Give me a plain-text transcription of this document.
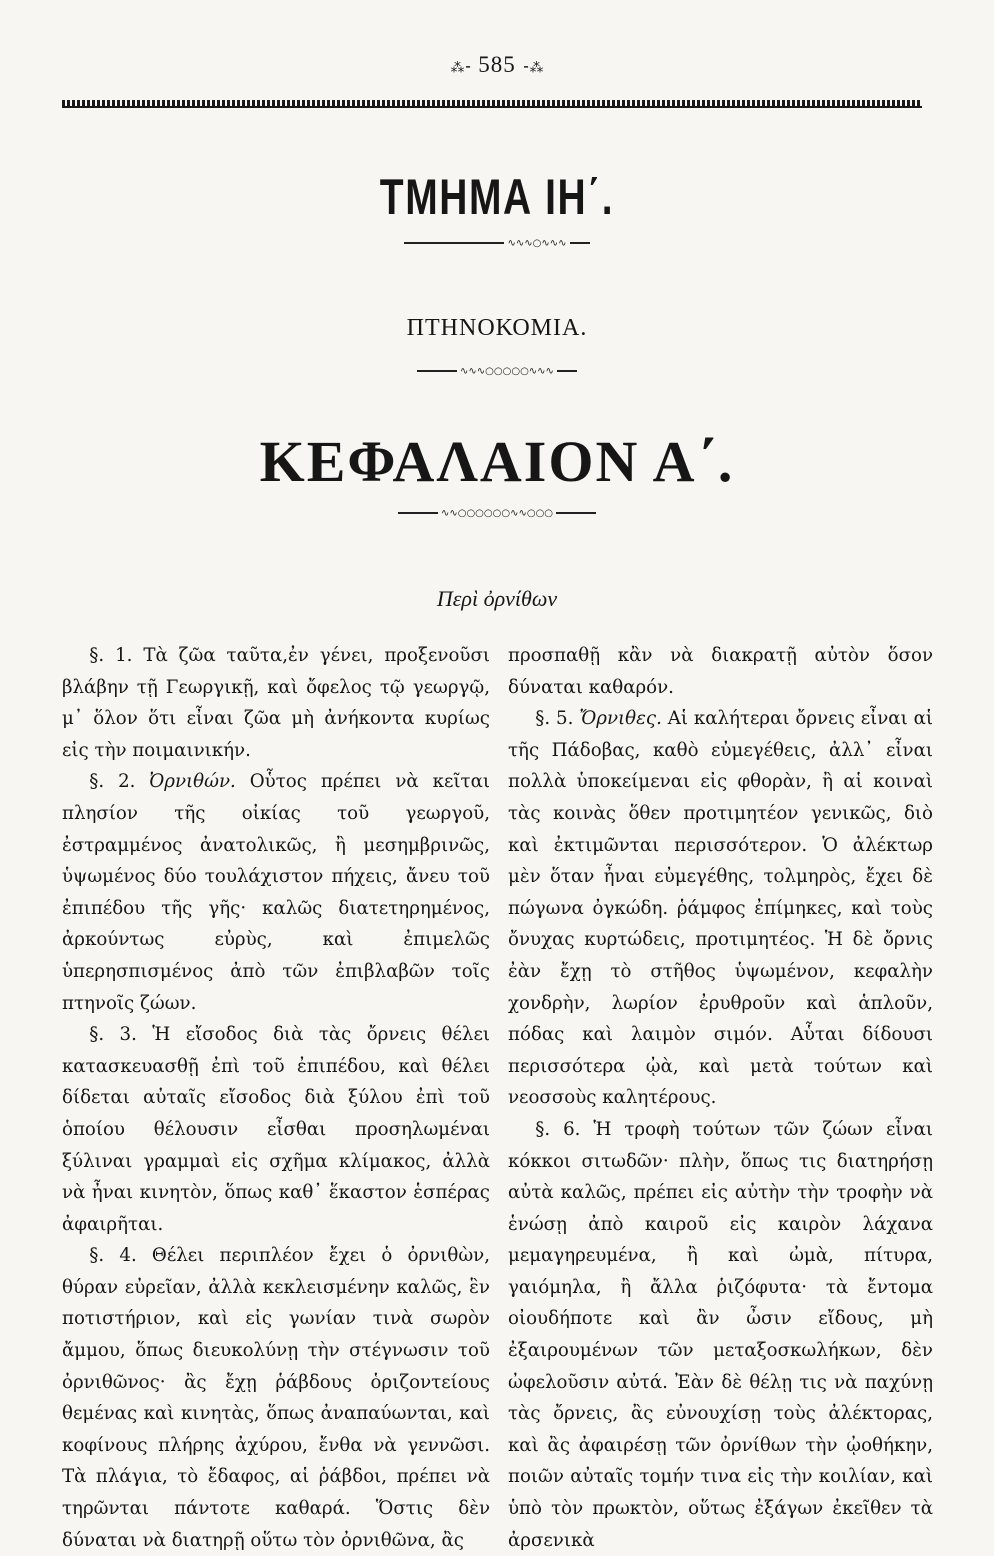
⁂⁃ 585 ⁃⁂
ΤΜΗΜΑ ΙΗ΄.
∿∿∿○∿∿∿
ΠΤΗΝΟΚΟΜΙΑ.
∿∿∿○○○○○∿∿∿
ΚΕΦΑΛΑΙΟΝ Α΄.
∿∿○○○○○○∿∿○○○
Περὶ ὀρνίθων

§. 1. Τὰ ζῶα ταῦτα,ἐν γένει, προξενοῦσι βλάβην τῇ Γεωργικῇ, καὶ ὄφελος τῷ γεωργῷ, μ᾽ ὅλον ὅτι εἶναι ζῶα μὴ ἀνήκοντα κυρίως εἰς τὴν ποιμαινικήν.

§. 2. Ὀρνιθών. Οὗτος πρέπει νὰ κεῖται πλησίον τῆς οἰκίας τοῦ γεωργοῦ, ἐστραμμένος ἀνατολικῶς, ἢ μεσημβρινῶς, ὑψωμένος δύο τουλάχιστον πήχεις, ἄνευ τοῦ ἐπιπέδου τῆς γῆς· καλῶς διατετηρημένος, ἀρκούντως εὐρὺς, καὶ ἐπιμελῶς ὑπερησπισμένος ἀπὸ τῶν ἐπιβλαβῶν τοῖς πτηνοῖς ζώων.

§. 3. Ἡ εἴσοδος διὰ τὰς ὄρνεις θέλει κατασκευασθῇ ἐπὶ τοῦ ἐπιπέδου, καὶ θέλει δίδεται αὐταῖς εἴσοδος διὰ ξύλου ἐπὶ τοῦ ὁποίου θέλουσιν εἶσθαι προσηλωμέναι ξύλιναι γραμμαὶ εἰς σχῆμα κλίμακος, ἀλλὰ νὰ ἦναι κινητὸν, ὅπως καθ᾽ ἕκαστον ἑσπέρας ἀφαιρῆται.

§. 4. Θέλει περιπλέον ἔχει ὁ ὀρνιθὼν, θύραν εὐρεῖαν, ἀλλὰ κεκλεισμένην καλῶς, ἓν ποτιστήριον, καὶ εἰς γωνίαν τινὰ σωρὸν ἄμμου, ὅπως διευκολύνῃ τὴν στέγνωσιν τοῦ ὀρνιθῶνος· ἂς ἔχῃ ῥάβδους ὁριζοντείους θεμένας καὶ κινητὰς, ὅπως ἀναπαύωνται, καὶ κοφίνους πλήρης ἀχύρου, ἔνθα νὰ γεννῶσι. Τὰ πλάγια, τὸ ἔδαφος, αἱ ῥάβδοι, πρέπει νὰ τηρῶνται πάντοτε καθαρά. Ὅστις δὲν δύναται νὰ διατηρῇ οὕτω τὸν ὀρνιθῶνα, ἂς

προσπαθῇ κἂν νὰ διακρατῇ αὐτὸν ὅσον δύναται καθαρόν.

§. 5. Ὄρνιθες. Αἱ καλήτεραι ὄρνεις εἶναι αἱ τῆς Πάδοβας, καθὸ εὐμεγέθεις, ἀλλ᾽ εἶναι πολλὰ ὑποκείμεναι εἰς φθορὰν, ἢ αἱ κοιναὶ τὰς κοινὰς ὅθεν προτιμητέον γενικῶς, διὸ καὶ ἐκτιμῶνται περισσότερον. Ὁ ἀλέκτωρ μὲν ὅταν ἦναι εὐμεγέθης, τολμηρὸς, ἔχει δὲ πώγωνα ὀγκώδη. ῥάμφος ἐπίμηκες, καὶ τοὺς ὄνυχας κυρτώδεις, προτιμητέος. Ἡ δὲ ὄρνις ἐὰν ἔχῃ τὸ στῆθος ὑψωμένον, κεφαλὴν χονδρὴν, λωρίον ἐρυθροῦν καὶ ἁπλοῦν, πόδας καὶ λαιμὸν σιμόν. Αὗται δίδουσι περισσότερα ᾠὰ, καὶ μετὰ τούτων καὶ νεοσσοὺς καλητέρους.

§. 6. Ἡ τροφὴ τούτων τῶν ζώων εἶναι κόκκοι σιτωδῶν· πλὴν, ὅπως τις διατηρήσῃ αὐτὰ καλῶς, πρέπει εἰς αὐτὴν τὴν τροφὴν νὰ ἑνώσῃ ἀπὸ καιροῦ εἰς καιρὸν λάχανα μεμαγηρευμένα, ἢ καὶ ὠμὰ, πίτυρα, γαιόμηλα, ἢ ἄλλα ῥιζόφυτα· τὰ ἔντομα οἰουδήποτε καὶ ἂν ὦσιν εἴδους, μὴ ἐξαιρουμένων τῶν μεταξοσκωλήκων, δὲν ὠφελοῦσιν αὐτά. Ἐὰν δὲ θέλῃ τις νὰ παχύνῃ τὰς ὄρνεις, ἂς εὐνουχίσῃ τοὺς ἀλέκτορας, καὶ ἂς ἀφαιρέσῃ τῶν ὀρνίθων τὴν ᾠοθήκην, ποιῶν αὐταῖς τομήν τινα εἰς τὴν κοιλίαν, καὶ ὑπὸ τὸν πρωκτὸν, οὕτως ἐξάγων ἐκεῖθεν τὰ ἀρσενικὰ
